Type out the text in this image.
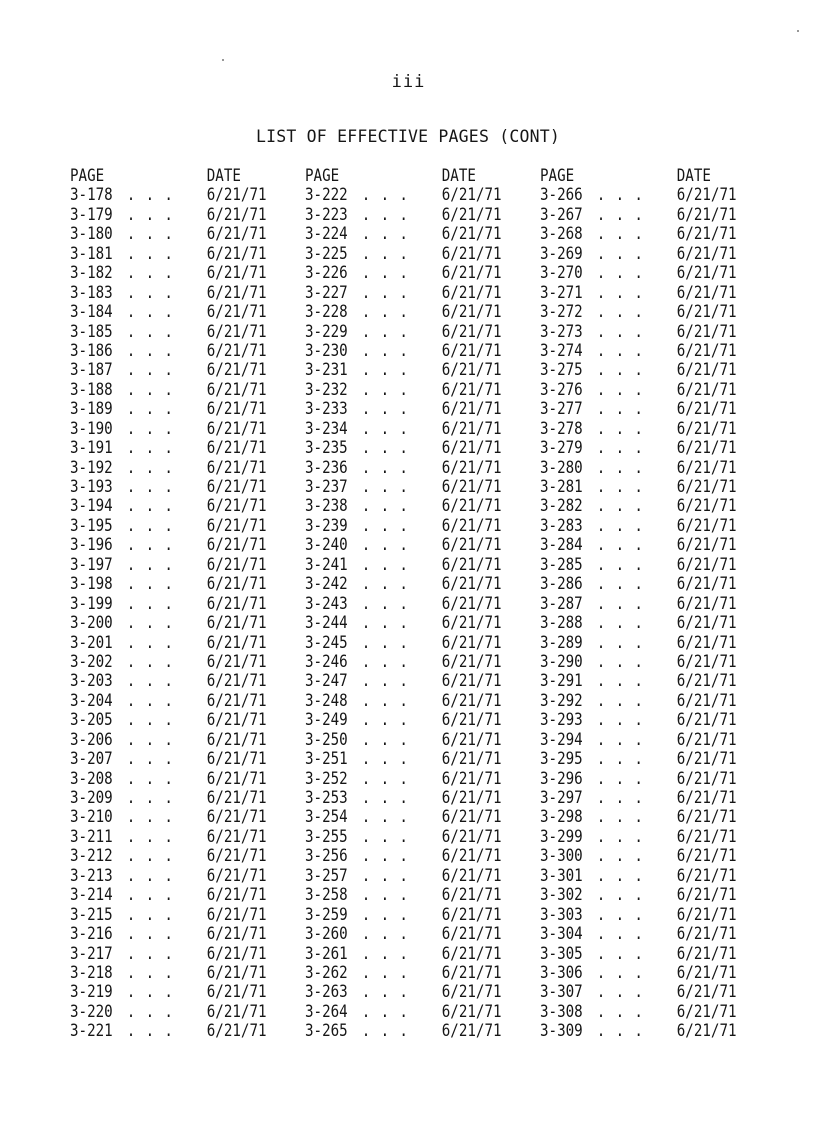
iii
LIST OF EFFECTIVE PAGES (CONT)
PAGE	DATE
3-178 . . . 6/21/71
3-179 . . . 6/21/71
3-180 . . . 6/21/71
3-181 . . . 6/21/71
3-182 . . . 6/21/71
3-183 . . . 6/21/71
3-184 . . . 6/21/71
3-185 . . . 6/21/71
3-186 . . . 6/21/71
3-187 . . . 6/21/71
3-188 . . . 6/21/71
3-189 . . . 6/21/71
3-190 . . . 6/21/71
3-191 . . . 6/21/71
3-192 . . . 6/21/71
3-193 . . . 6/21/71
3-194 . . . 6/21/71
3-195 . . . 6/21/71
3-196 . . . 6/21/71
3-197 . . . 6/21/71
3-198 . . . 6/21/71
3-199 . . . 6/21/71
3-200 . . . 6/21/71
3-201 . . . 6/21/71
3-202 . . . 6/21/71
3-203 . . . 6/21/71
3-204 . . . 6/21/71
3-205 . . . 6/21/71
3-206 . . . 6/21/71
3-207 . . . 6/21/71
3-208 . . . 6/21/71
3-209 . . . 6/21/71
3-210 . . . 6/21/71
3-211 . . . 6/21/71
3-212 . . . 6/21/71
3-213 . . . 6/21/71
3-214 . . . 6/21/71
3-215 . . . 6/21/71
3-216 . . . 6/21/71
3-217 . . . 6/21/71
3-218 . . . 6/21/71
3-219 . . . 6/21/71
3-220 . . . 6/21/71
3-221 . . . 6/21/71
PAGE	DATE
3-222 . . . 6/21/71
3-223 . . . 6/21/71
3-224 . . . 6/21/71
3-225 . . . 6/21/71
3-226 . . . 6/21/71
3-227 . . . 6/21/71
3-228 . . . 6/21/71
3-229 . . . 6/21/71
3-230 . . . 6/21/71
3-231 . . . 6/21/71
3-232 . . . 6/21/71
3-233 . . . 6/21/71
3-234 . . . 6/21/71
3-235 . . . 6/21/71
3-236 . . . 6/21/71
3-237 . . . 6/21/71
3-238 . . . 6/21/71
3-239 . . . 6/21/71
3-240 . . . 6/21/71
3-241 . . . 6/21/71
3-242 . . . 6/21/71
3-243 . . . 6/21/71
3-244 . . . 6/21/71
3-245 . . . 6/21/71
3-246 . . . 6/21/71
3-247 . . . 6/21/71
3-248 . . . 6/21/71
3-249 . . . 6/21/71
3-250 . . . 6/21/71
3-251 . . . 6/21/71
3-252 . . . 6/21/71
3-253 . . . 6/21/71
3-254 . . . 6/21/71
3-255 . . . 6/21/71
3-256 . . . 6/21/71
3-257 . . . 6/21/71
3-258 . . . 6/21/71
3-259 . . . 6/21/71
3-260 . . . 6/21/71
3-261 . . . 6/21/71
3-262 . . . 6/21/71
3-263 . . . 6/21/71
3-264 . . . 6/21/71
3-265 . . . 6/21/71
PAGE	DATE
3-266 . . . 6/21/71
3-267 . . . 6/21/71
3-268 . . . 6/21/71
3-269 . . . 6/21/71
3-270 . . . 6/21/71
3-271 . . . 6/21/71
3-272 . . . 6/21/71
3-273 . . . 6/21/71
3-274 . . . 6/21/71
3-275 . . . 6/21/71
3-276 . . . 6/21/71
3-277 . . . 6/21/71
3-278 . . . 6/21/71
3-279 . . . 6/21/71
3-280 . . . 6/21/71
3-281 . . . 6/21/71
3-282 . . . 6/21/71
3-283 . . . 6/21/71
3-284 . . . 6/21/71
3-285 . . . 6/21/71
3-286 . . . 6/21/71
3-287 . . . 6/21/71
3-288 . . . 6/21/71
3-289 . . . 6/21/71
3-290 . . . 6/21/71
3-291 . . . 6/21/71
3-292 . . . 6/21/71
3-293 . . . 6/21/71
3-294 . . . 6/21/71
3-295 . . . 6/21/71
3-296 . . . 6/21/71
3-297 . . . 6/21/71
3-298 . . . 6/21/71
3-299 . . . 6/21/71
3-300 . . . 6/21/71
3-301 . . . 6/21/71
3-302 . . . 6/21/71
3-303 . . . 6/21/71
3-304 . . . 6/21/71
3-305 . . . 6/21/71
3-306 . . . 6/21/71
3-307 . . . 6/21/71
3-308 . . . 6/21/71
3-309 . . . 6/21/71
